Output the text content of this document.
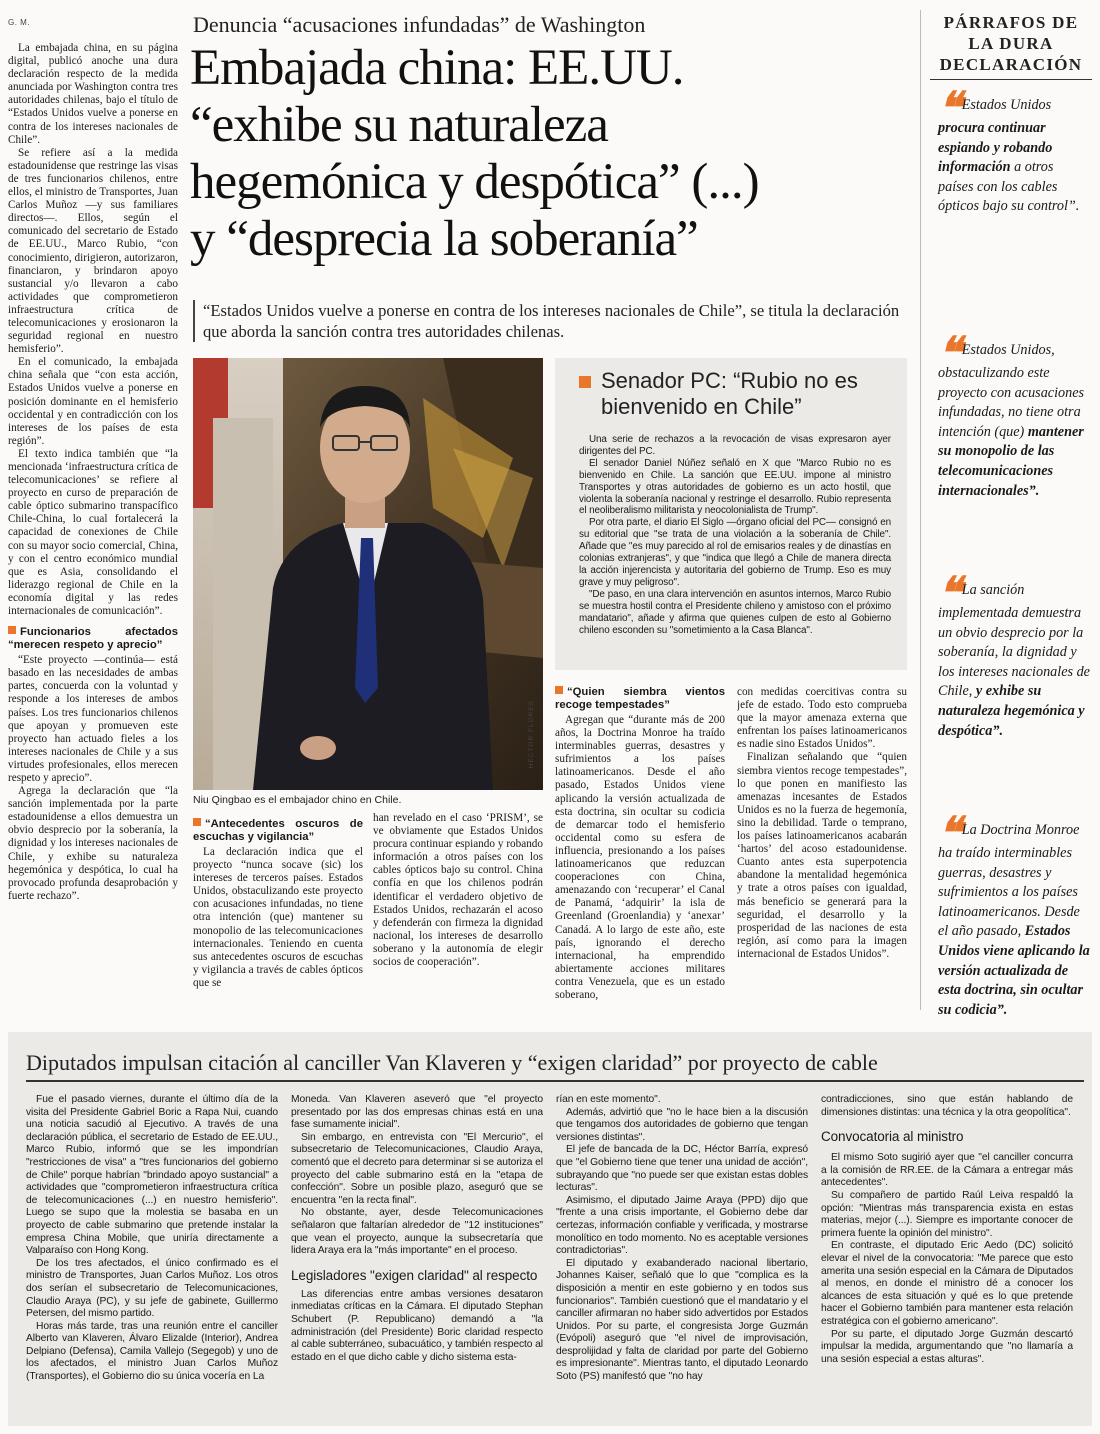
G. M.	Denuncia “acusaciones infundadas” de Washington
Embajada china: EE.UU.
“exhibe su naturaleza
hegemónica y despótica” (...)
y “desprecia la soberanía”
“Estados Unidos vuelve a ponerse en contra de los intereses nacionales de Chile”, se titula la declaración que aborda la sanción contra tres autoridades chilenas.

La embajada china, en su página digital, publicó anoche una dura declaración respecto de la medida anunciada por Washington contra tres autoridades chilenas, bajo el título de “Estados Unidos vuelve a ponerse en contra de los intereses nacionales de Chile”.

Se refiere así a la medida estadounidense que restringe las visas de tres funcionarios chilenos, entre ellos, el ministro de Transportes, Juan Carlos Muñoz —y sus familiares directos—. Ellos, según el comunicado del secretario de Estado de EE.UU., Marco Rubio, “con conocimiento, dirigieron, autorizaron, financiaron, y brindaron apoyo sustancial y/o llevaron a cabo actividades que comprometieron infraestructura crítica de telecomunicaciones y erosionaron la seguridad regional en nuestro hemisferio”.

En el comunicado, la embajada china señala que “con esta acción, Estados Unidos vuelve a ponerse en posición dominante en el hemisferio occidental y en contradicción con los intereses de los países de esta región”.

El texto indica también que “la mencionada ‘infraestructura crítica de telecomunicaciones’ se refiere al proyecto en curso de preparación de cable óptico submarino transpacífico Chile-China, lo cual fortalecerá la capacidad de conexiones de Chile con su mayor socio comercial, China, y con el centro económico mundial que es Asia, consolidando el liderazgo regional de Chile en la economía digital y las redes internacionales de comunicación”.

Funcionarios afectados “merecen respeto y aprecio”

“Este proyecto —continúa— está basado en las necesidades de ambas partes, concuerda con la voluntad y responde a los intereses de ambos países. Los tres funcionarios chilenos que apoyan y promueven este proyecto han actuado fieles a los intereses nacionales de Chile y a sus virtudes profesionales, ellos merecen respeto y aprecio”.

Agrega la declaración que “la sanción implementada por la parte estadounidense a ellos demuestra un obvio desprecio por la soberanía, la dignidad y los intereses nacionales de Chile, y exhibe su naturaleza hegemónica y despótica, lo cual ha provocado profunda desaprobación y fuerte rechazo”.

HÉCTOR FLORES
Niu Qingbao es el embajador chino en Chile.
Senador PC: “Rubio no es bienvenido en Chile”

Una serie de rechazos a la revocación de visas expresaron ayer dirigentes del PC.

El senador Daniel Núñez señaló en X que "Marco Rubio no es bienvenido en Chile. La sanción que EE.UU. impone al ministro Transportes y otras autoridades de gobierno es un acto hostil, que violenta la soberanía nacional y restringe el desarrollo. Rubio representa el neoliberalismo militarista y neocolonialista de Trump".

Por otra parte, el diario El Siglo —órgano oficial del PC— consignó en su editorial que "se trata de una violación a la soberanía de Chile". Añade que "es muy parecido al rol de emisarios reales y de dinastías en colonias extranjeras", y que "indica que llegó a Chile de manera directa la acción injerencista y autoritaria del gobierno de Trump. Eso es muy grave y muy peligroso".

"De paso, en una clara intervención en asuntos internos, Marco Rubio se muestra hostil contra el Presidente chileno y amistoso con el próximo mandatario", añade y afirma que quienes culpen de esto al Gobierno chileno esconden su "sometimiento a la Casa Blanca".

“Antecedentes oscuros de escuchas y vigilancia”

La declaración indica que el proyecto “nunca socave (sic) los intereses de terceros países. Estados Unidos, obstaculizando este proyecto con acusaciones infundadas, no tiene otra intención (que) mantener su monopolio de las telecomunicaciones internacionales. Teniendo en cuenta sus antecedentes oscuros de escuchas y vigilancia a través de cables ópticos que se

han revelado en el caso ‘PRISM’, se ve obviamente que Estados Unidos procura continuar espiando y robando información a otros países con los cables ópticos bajo su control. China confía en que los chilenos podrán identificar el verdadero objetivo de Estados Unidos, rechazarán el acoso y defenderán con firmeza la dignidad nacional, los intereses de desarrollo soberano y la autonomía de elegir socios de cooperación”.

“Quien siembra vientos recoge tempestades”

Agregan que “durante más de 200 años, la Doctrina Monroe ha traído interminables guerras, desastres y sufrimientos a los países latinoamericanos. Desde el año pasado, Estados Unidos viene aplicando la versión actualizada de esta doctrina, sin ocultar su codicia de demarcar todo el hemisferio occidental como su esfera de influencia, presionando a los países latinoamericanos que reduzcan cooperaciones con China, amenazando con ‘recuperar’ el Canal de Panamá, ‘adquirir’ la isla de Greenland (Groenlandia) y ‘anexar’ Canadá. A lo largo de este año, este país, ignorando el derecho internacional, ha emprendido abiertamente acciones militares contra Venezuela, que es un estado soberano,

con medidas coercitivas contra su jefe de estado. Todo esto comprueba que la mayor amenaza externa que enfrentan los países latinoamericanos es nadie sino Estados Unidos”.

Finalizan señalando que “quien siembra vientos recoge tempestades”, lo que ponen en manifiesto las amenazas incesantes de Estados Unidos es no la fuerza de hegemonía, sino la debilidad. Tarde o temprano, los países latinoamericanos acabarán ‘hartos’ del acoso estadounidense. Cuanto antes esta superpotencia abandone la mentalidad hegemónica y trate a otros países con igualdad, más beneficio se generará para la seguridad, el desarrollo y la prosperidad de las naciones de esta región, así como para la imagen internacional de Estados Unidos”.

PÁRRAFOS DE LA DURA DECLARACIÓN
❝ Estados Unidos procura continuar espiando y robando información a otros países con los cables ópticos bajo su control”.
❝ Estados Unidos, obstaculizando este proyecto con acusaciones infundadas, no tiene otra intención (que) mantener su monopolio de las telecomunicaciones internacionales”.
❝ La sanción implementada demuestra un obvio desprecio por la soberanía, la dignidad y los intereses nacionales de Chile, y exhibe su naturaleza hegemónica y despótica”.
❝ La Doctrina Monroe ha traído interminables guerras, desastres y sufrimientos a los países latinoamericanos. Desde el año pasado, Estados Unidos viene aplicando la versión actualizada de esta doctrina, sin ocultar su codicia”.
Diputados impulsan citación al canciller Van Klaveren y “exigen claridad” por proyecto de cable

Fue el pasado viernes, durante el último día de la visita del Presidente Gabriel Boric a Rapa Nui, cuando una noticia sacudió al Ejecutivo. A través de una declaración pública, el secretario de Estado de EE.UU., Marco Rubio, informó que se les impondrían "restricciones de visa" a "tres funcionarios del gobierno de Chile" porque habrían "brindado apoyo sustancial" a actividades que "comprometieron infraestructura crítica de telecomunicaciones (...) en nuestro hemisferio". Luego se supo que la molestia se basaba en un proyecto de cable submarino que pretende instalar la empresa China Mobile, que uniría directamente a Valparaíso con Hong Kong.

De los tres afectados, el único confirmado es el ministro de Transportes, Juan Carlos Muñoz. Los otros dos serían el subsecretario de Telecomunicaciones, Claudio Araya (PC), y su jefe de gabinete, Guillermo Petersen, del mismo partido.

Horas más tarde, tras una reunión entre el canciller Alberto van Klaveren, Álvaro Elizalde (Interior), Andrea Delpiano (Defensa), Camila Vallejo (Segegob) y uno de los afectados, el ministro Juan Carlos Muñoz (Transportes), el Gobierno dio su única vocería en La

Moneda. Van Klaveren aseveró que "el proyecto presentado por las dos empresas chinas está en una fase sumamente inicial".

Sin embargo, en entrevista con "El Mercurio", el subsecretario de Telecomunicaciones, Claudio Araya, comentó que el decreto para determinar si se autoriza el proyecto del cable submarino está en la "etapa de confección". Sobre un posible plazo, aseguró que se encuentra "en la recta final".

No obstante, ayer, desde Telecomunicaciones señalaron que faltarían alrededor de "12 instituciones" que vean el proyecto, aunque la subsecretaría que lidera Araya era la "más importante" en el proceso.

Legisladores "exigen claridad" al respecto

Las diferencias entre ambas versiones desataron inmediatas críticas en la Cámara. El diputado Stephan Schubert (P. Republicano) demandó a "la administración (del Presidente) Boric claridad respecto al cable subterráneo, subacuático, y también respecto al estado en el que dicho cable y dicho sistema esta-

rían en este momento".

Además, advirtió que "no le hace bien a la discusión que tengamos dos autoridades de gobierno que tengan versiones distintas".

El jefe de bancada de la DC, Héctor Barría, expresó que "el Gobierno tiene que tener una unidad de acción", subrayando que "no puede ser que existan estas dobles lecturas".

Asimismo, el diputado Jaime Araya (PPD) dijo que "frente a una crisis importante, el Gobierno debe dar certezas, información confiable y verificada, y mostrarse monolítico en todo momento. No es aceptable versiones contradictorias".

El diputado y exabanderado nacional libertario, Johannes Kaiser, señaló que lo que "complica es la disposición a mentir en este gobierno y en todos sus funcionarios". También cuestionó que el mandatario y el canciller afirmaran no haber sido advertidos por Estados Unidos. Por su parte, el congresista Jorge Guzmán (Evópoli) aseguró que "el nivel de improvisación, desprolijidad y falta de claridad por parte del Gobierno es impresionante". Mientras tanto, el diputado Leonardo Soto (PS) manifestó que "no hay

contradicciones, sino que están hablando de dimensiones distintas: una técnica y la otra geopolítica".

Convocatoria al ministro

El mismo Soto sugirió ayer que "el canciller concurra a la comisión de RR.EE. de la Cámara a entregar más antecedentes".

Su compañero de partido Raúl Leiva respaldó la opción: "Mientras más transparencia exista en estas materias, mejor (...). Siempre es importante conocer de primera fuente la opinión del ministro".

En contraste, el diputado Eric Aedo (DC) solicitó elevar el nivel de la convocatoria: "Me parece que esto amerita una sesión especial en la Cámara de Diputados al menos, en donde el ministro dé a conocer los alcances de esta situación y qué es lo que pretende hacer el Gobierno también para mantener esta relación estratégica con el gobierno americano".

Por su parte, el diputado Jorge Guzmán descartó impulsar la medida, argumentando que "no llamaría a una sesión especial a estas alturas".
